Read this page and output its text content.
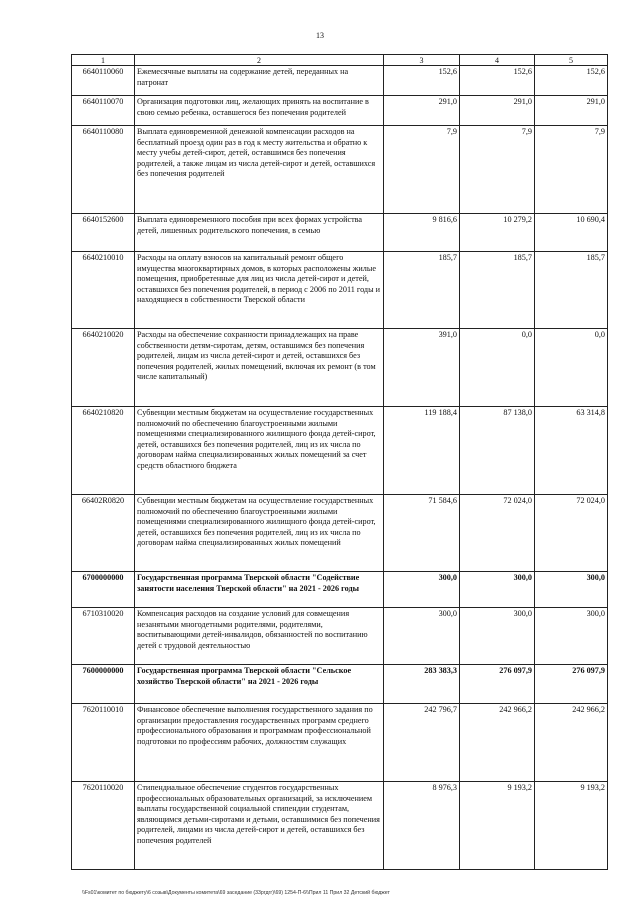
13
1	2	3	4	5
6640110060	Ежемесячные выплаты на содержание детей, переданных на патронат	152,6	152,6	152,6
6640110070	Организация подготовки лиц, желающих принять на воспитание в свою семью ребенка, оставшегося без попечения родителей	291,0	291,0	291,0
6640110080	Выплата единовременной денежной компенсации расходов на бесплатный проезд один раз в год к месту жительства и обратно к месту учебы детей-сирот, детей, оставшимся без попечения родителей, а также лицам из числа детей-сирот и детей, оставшихся без попечения родителей	7,9	7,9	7,9
6640152600	Выплата единовременного пособия при всех формах устройства детей, лишенных родительского попечения, в семью	9 816,6	10 279,2	10 690,4
6640210010	Расходы на оплату взносов на капитальный ремонт общего имущества многоквартирных домов, в которых расположены жилые помещения, приобретенные для лиц из числа детей-сирот и детей, оставшихся без попечения родителей, в период с 2006 по 2011 годы и находящиеся в собственности Тверской области	185,7	185,7	185,7
6640210020	Расходы на обеспечение сохранности принадлежащих на праве собственности детям-сиротам, детям, оставшимся без попечения родителей, лицам из числа детей-сирот и детей, оставшихся без попечения родителей, жилых помещений, включая их ремонт (в том числе капитальный)	391,0	0,0	0,0
6640210820	Субвенции местным бюджетам на осуществление государственных полномочий по обеспечению благоустроенными жилыми помещениями специализированного жилищного фонда детей-сирот, детей, оставшихся без попечения родителей, лиц из их числа по договорам найма специализированных жилых помещений за счет средств областного бюджета	119 188,4	87 138,0	63 314,8
66402R0820	Субвенции местным бюджетам на осуществление государственных полномочий по обеспечению благоустроенными жилыми помещениями специализированного жилищного фонда детей-сирот, детей, оставшихся без попечения родителей, лиц из их числа по договорам найма специализированных жилых помещений	71 584,6	72 024,0	72 024,0
6700000000	Государственная программа Тверской области "Содействие занятости населения Тверской области" на 2021 - 2026 годы	300,0	300,0	300,0
6710310020	Компенсация расходов на создание условий для совмещения незанятыми многодетными родителями, родителями, воспитывающими детей-инвалидов, обязанностей по воспитанию детей с трудовой деятельностью	300,0	300,0	300,0
7600000000	Государственная программа Тверской области "Сельское хозяйство Тверской области" на 2021 - 2026 годы	283 383,3	276 097,9	276 097,9
7620110010	Финансовое обеспечение выполнения государственного задания по организации предоставления государственных программ среднего профессионального образования и программам профессиональной подготовки по профессиям рабочих, должностям служащих	242 796,7	242 966,2	242 966,2
7620110020	Стипендиальное обеспечение студентов государственных профессиональных образовательных организаций, за исключением выплаты государственной социальной стипендии студентам, являющимся детьми-сиротами и детьми, оставшимися без попечения родителей, лицами из числа детей-сирот и детей, оставшихся без попечения родителей	8 976,3	9 193,2	9 193,2
\\Fs01\комитет по бюджету\6 созыв\Документы комитета\69 заседание (33ргдгг)\69) 1254-П-6\\Прил 11 Прил 32 Детский бюджет
